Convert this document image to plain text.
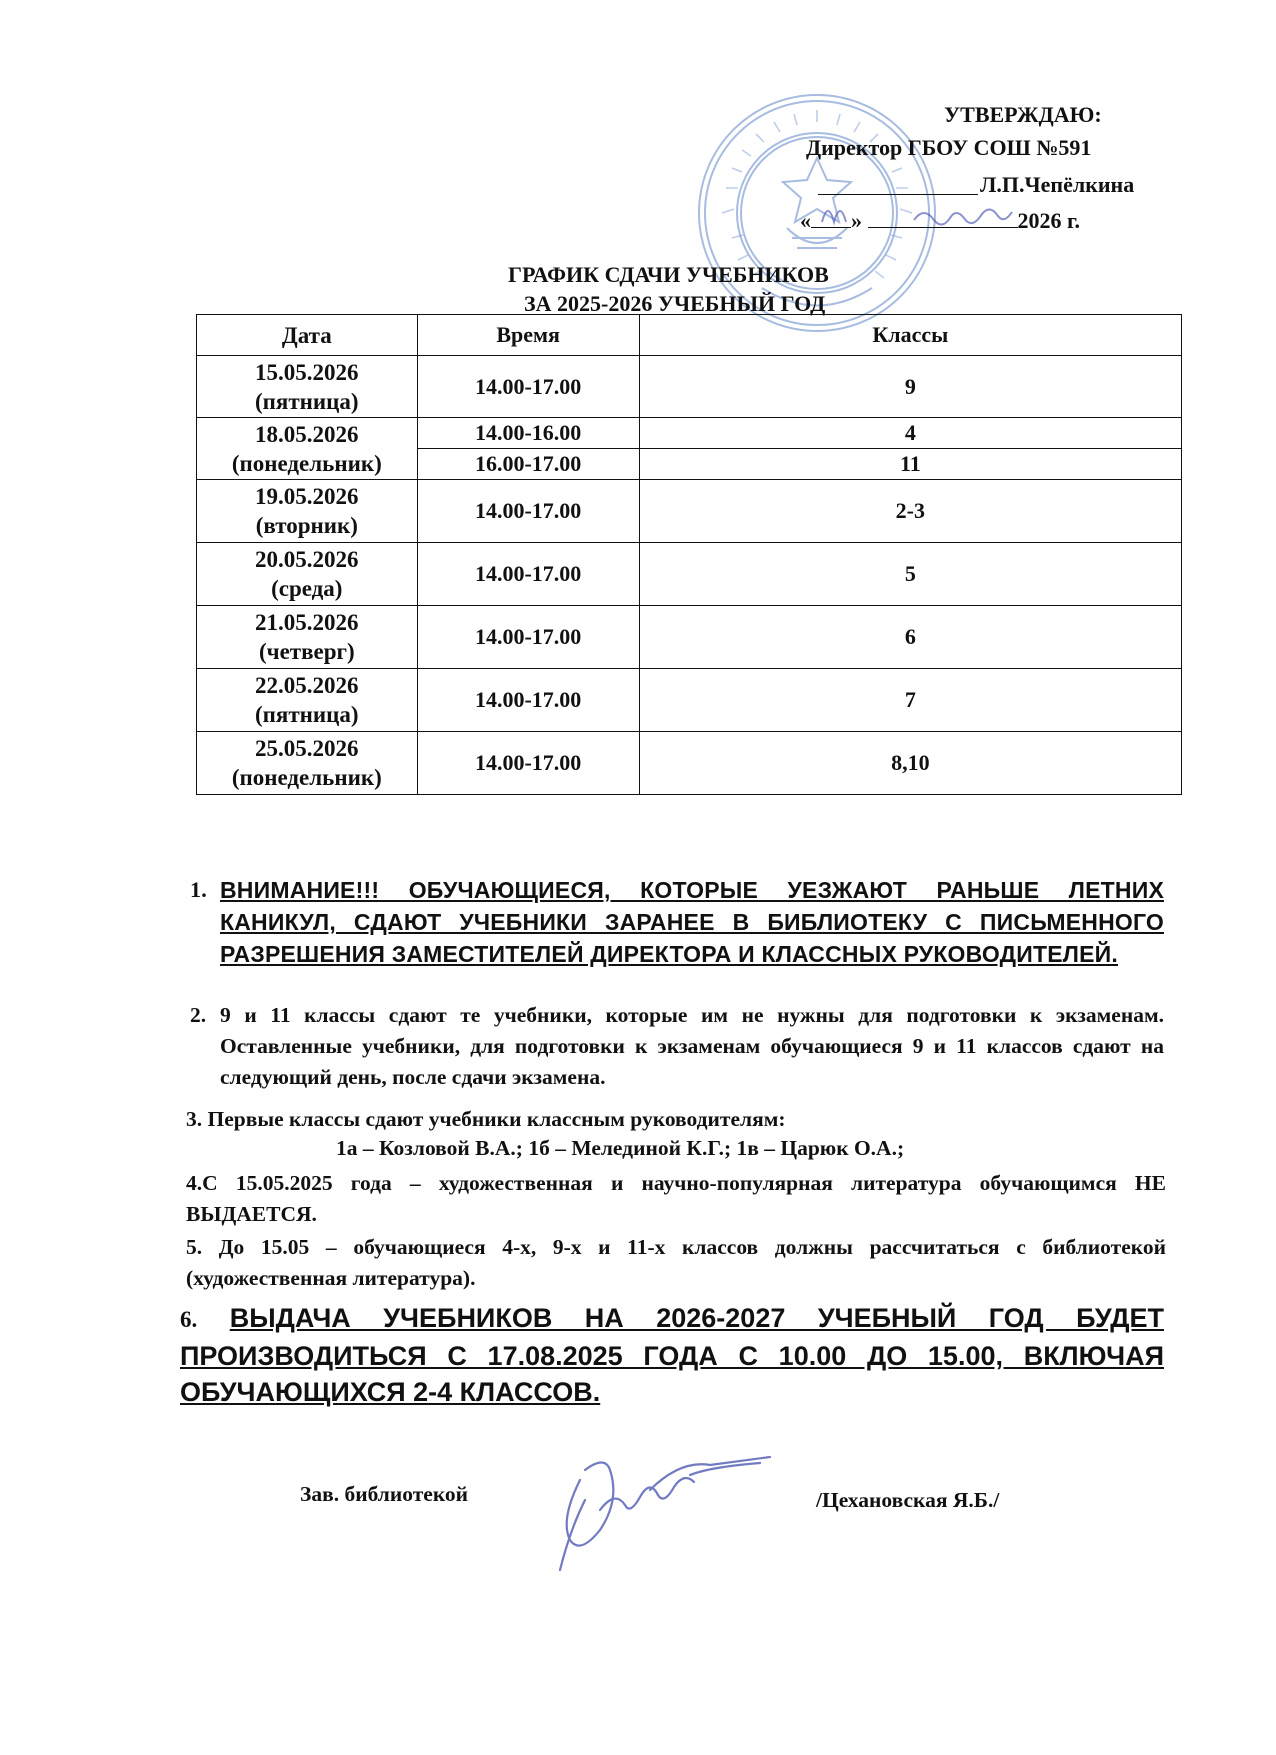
УТВЕРЖДАЮ:
Директор ГБОУ СОШ №591
Л.П.Чепёлкина
« »	2026 г.
ГРАФИК СДАЧИ УЧЕБНИКОВ
ЗА 2025-2026 УЧЕБНЫЙ ГОД
Дата	Время	Классы
15.05.2026
(пятница)	14.00-17.00	9
18.05.2026
(понедельник)	14.00-16.00	4
	16.00-17.00	11
19.05.2026
(вторник)	14.00-17.00	2-3
20.05.2026
(среда)	14.00-17.00	5
21.05.2026
(четверг)	14.00-17.00	6
22.05.2026
(пятница)	14.00-17.00	7
25.05.2026
(понедельник)	14.00-17.00	8,10
1. ВНИМАНИЕ!!! ОБУЧАЮЩИЕСЯ, КОТОРЫЕ УЕЗЖАЮТ РАНЬШЕ ЛЕТНИХ КАНИКУЛ, СДАЮТ УЧЕБНИКИ ЗАРАНЕЕ В БИБЛИОТЕКУ С ПИСЬМЕННОГО РАЗРЕШЕНИЯ ЗАМЕСТИТЕЛЕЙ ДИРЕКТОРА И КЛАССНЫХ РУКОВОДИТЕЛЕЙ.
2. 9 и 11 классы сдают те учебники, которые им не нужны для подготовки к экзаменам. Оставленные учебники, для подготовки к экзаменам обучающиеся 9 и 11 классов сдают на следующий день, после сдачи экзамена.
3. Первые классы сдают учебники классным руководителям:
1а – Козловой В.А.; 1б – Мелединой К.Г.; 1в – Царюк О.А.;
4.С 15.05.2025 года – художественная и научно-популярная литература обучающимся НЕ ВЫДАЕТСЯ.
5. До 15.05 – обучающиеся 4-х, 9-х и 11-х классов должны рассчитаться с библиотекой (художественная литература).
6. ВЫДАЧА УЧЕБНИКОВ НА 2026-2027 УЧЕБНЫЙ ГОД БУДЕТ ПРОИЗВОДИТЬСЯ С 17.08.2025 ГОДА С 10.00 ДО 15.00, ВКЛЮЧАЯ ОБУЧАЮЩИХСЯ 2-4 КЛАССОВ.
Зав. библиотекой	/Цехановская Я.Б./
